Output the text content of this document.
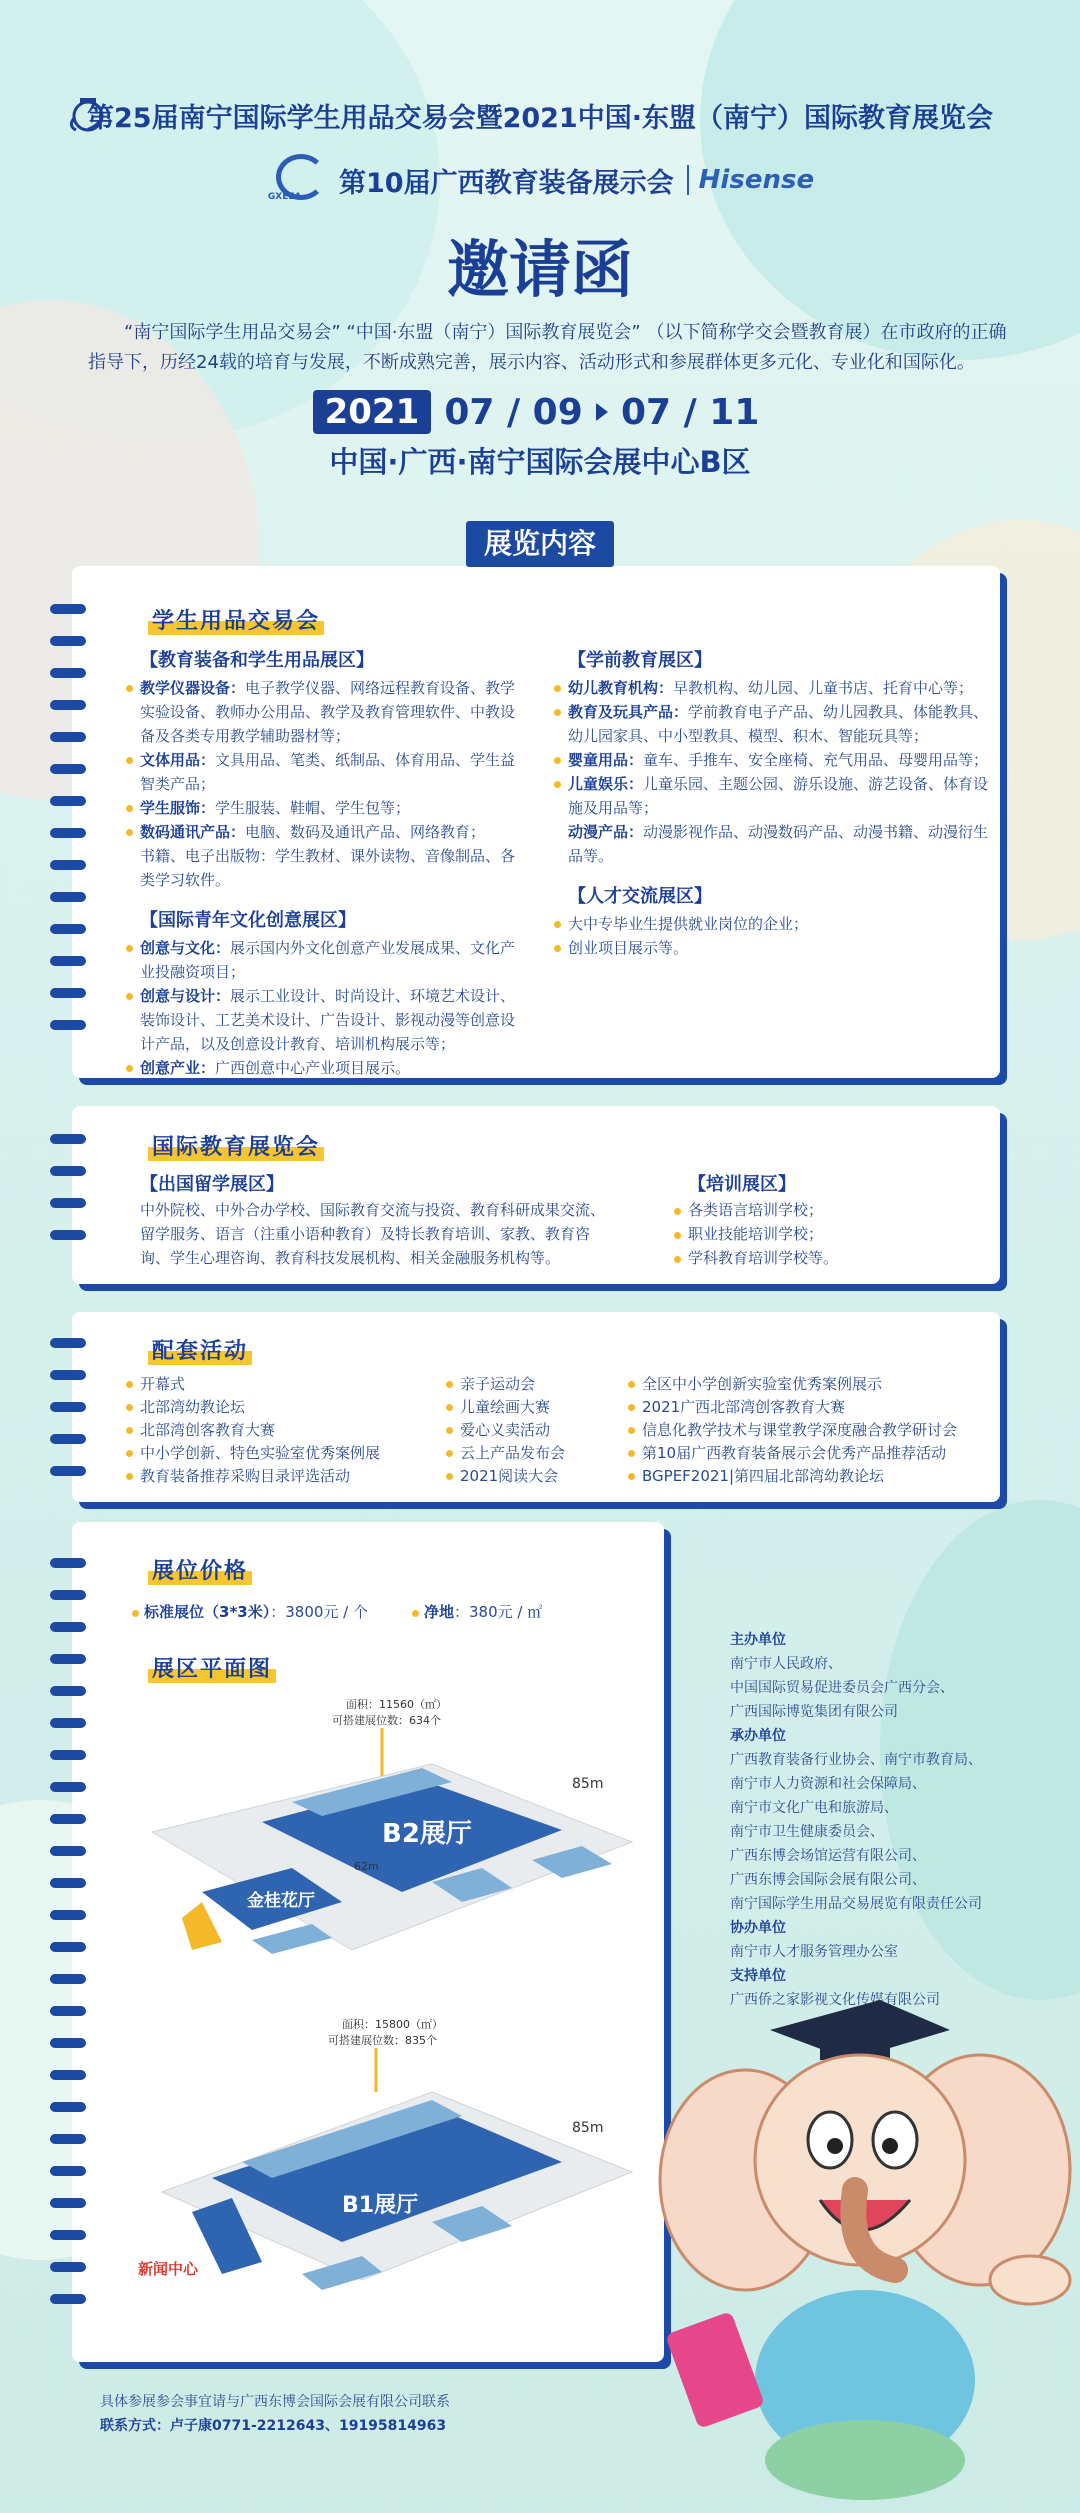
第25届南宁国际学生用品交易会暨2021中国·东盟（南宁）国际教育展览会
GXEEA 第10届广西教育装备展示会 Hisense
邀请函
“南宁国际学生用品交易会” “中国·东盟（南宁）国际教育展览会” （以下简称学交会暨教育展）在市政府的正确指导下，历经24载的培育与发展，不断成熟完善，展示内容、活动形式和参展群体更多元化、专业化和国际化。
2021 07 / 09 07 / 11
中国·广西·南宁国际会展中心B区
展览内容
学生用品交易会
【教育装备和学生用品展区】
教学仪器设备：电子教学仪器、网络远程教育设备、教学
实验设备、教师办公用品、教学及教育管理软件、中教设
备及各类专用教学辅助器材等；
文体用品：文具用品、笔类、纸制品、体育用品、学生益
智类产品；
学生服饰：学生服装、鞋帽、学生包等；
数码通讯产品：电脑、数码及通讯产品、网络教育；
书籍、电子出版物：学生教材、课外读物、音像制品、各
类学习软件。
【国际青年文化创意展区】
创意与文化：展示国内外文化创意产业发展成果、文化产
业投融资项目；
创意与设计：展示工业设计、时尚设计、环境艺术设计、
装饰设计、工艺美术设计、广告设计、影视动漫等创意设
计产品，以及创意设计教育、培训机构展示等；
创意产业：广西创意中心产业项目展示。
【学前教育展区】
幼儿教育机构：早教机构、幼儿园、儿童书店、托育中心等；
教育及玩具产品：学前教育电子产品、幼儿园教具、体能教具、
幼儿园家具、中小型教具、模型、积木、智能玩具等；
婴童用品：童车、手推车、安全座椅、充气用品、母婴用品等；
儿童娱乐：儿童乐园、主题公园、游乐设施、游艺设备、体育设
施及用品等；
动漫产品：动漫影视作品、动漫数码产品、动漫书籍、动漫衍生
品等。
【人才交流展区】
大中专毕业生提供就业岗位的企业；
创业项目展示等。
国际教育展览会
【出国留学展区】
中外院校、中外合办学校、国际教育交流与投资、教育科研成果交流、
留学服务、语言（注重小语种教育）及特长教育培训、家教、教育咨
询、学生心理咨询、教育科技发展机构、相关金融服务机构等。
【培训展区】
各类语言培训学校；
职业技能培训学校；
学科教育培训学校等。
配套活动
开幕式
北部湾幼教论坛
北部湾创客教育大赛
中小学创新、特色实验室优秀案例展
教育装备推荐采购目录评选活动
亲子运动会
儿童绘画大赛
爱心义卖活动
云上产品发布会
2021阅读大会
全区中小学创新实验室优秀案例展示
2021广西北部湾创客教育大赛
信息化教学技术与课堂教学深度融合教学研讨会
第10届广西教育装备展示会优秀产品推荐活动
BGPEF2021|第四届北部湾幼教论坛
展位价格
标准展位（3*3米）：3800元 / 个	净地：380元 / ㎡
展区平面图
面积：11560（㎡）
可搭建展位数：634个
B2展厅
金桂花厅
85m
62m
面积：15800（㎡）
可搭建展位数：835个
B1展厅
85m
新闻中心
主办单位
南宁市人民政府、
中国国际贸易促进委员会广西分会、
广西国际博览集团有限公司
承办单位
广西教育装备行业协会、南宁市教育局、
南宁市人力资源和社会保障局、
南宁市文化广电和旅游局、
南宁市卫生健康委员会、
广西东博会场馆运营有限公司、
广西东博会国际会展有限公司、
南宁国际学生用品交易展览有限责任公司
协办单位
南宁市人才服务管理办公室
支持单位
广西侨之家影视文化传媒有限公司
具体参展参会事宜请与广西东博会国际会展有限公司联系
联系方式：卢子康0771-2212643、19195814963
